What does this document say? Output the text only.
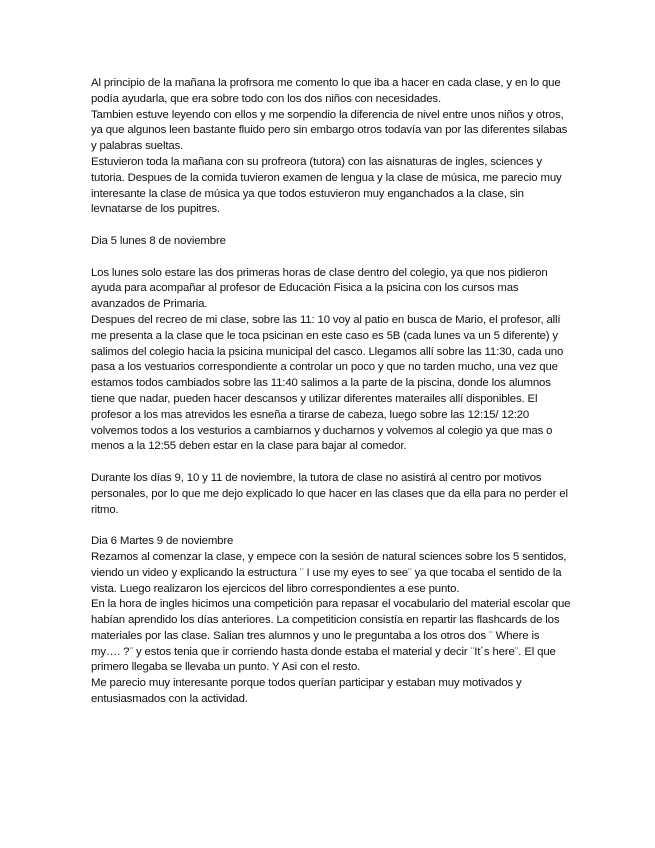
Al principio de la mañana la profrsora me comento lo que iba a hacer en cada clase, y en lo que podía ayudarla, que era sobre todo con los dos niños con necesidades.

Tambien estuve leyendo con ellos y me sorpendio la diferencia de nivel entre unos niños y otros, ya que algunos leen bastante fluido pero sin embargo otros todavía van por las diferentes silabas y palabras sueltas.

Estuvieron toda la mañana con su profreora (tutora) con las aisnaturas de ingles, sciences y tutoria. Despues de la comida tuvieron examen de lengua y la clase de música, me parecio muy interesante la clase de música ya que todos estuvieron muy enganchados a la clase, sin levnatarse de los pupitres.

Dia 5 lunes 8 de noviembre

Los lunes solo estare las dos primeras horas de clase dentro del colegio, ya que nos pidieron ayuda para acompañar al profesor de Educación Fisica a la psicina con los cursos mas avanzados de Primaria.

Despues del recreo de mi clase, sobre las 11: 10 voy al patio en busca de Mario, el profesor, allí me presenta a la clase que le toca psicinan en este caso es 5B (cada lunes va un 5 diferente) y salimos del colegio hacia la psicina municipal del casco. Llegamos allí sobre las 11:30, cada uno pasa a los vestuarios correspondiente a controlar un poco y que no tarden mucho, una vez que estamos todos cambiados sobre las 11:40 salimos a la parte de la piscina, donde los alumnos tiene que nadar, pueden hacer descansos y utilizar diferentes materailes allí disponibles. El profesor a los mas atrevidos les esneña a tirarse de cabeza, luego sobre las 12:15/ 12:20 volvemos todos a los vesturios a cambiarnos y ducharnos y volvemos al colegio ya que mas o menos a la 12:55 deben estar en la clase para bajar al comedor.

Durante los días 9, 10 y 11 de noviembre, la tutora de clase no asistirá al centro por motivos personales, por lo que me dejo explicado lo que hacer en las clases que da ella para no perder el ritmo.

Dia 6 Martes 9 de noviembre

Rezamos al comenzar la clase, y empece con la sesión de natural sciences sobre los 5 sentidos, viendo un video y explicando la estructura ¨ I use my eyes to see¨ ya que tocaba el sentido de la vista. Luego realizaron los ejercicos del libro correspondientes a ese punto.

En la hora de ingles hicimos una competición para repasar el vocabulario del material escolar que habían aprendido los días anteriores. La competiticion consistía en repartir las flashcards de los materiales por las clase. Salian tres alumnos y uno le preguntaba a los otros dos ¨ Where is my…. ?¨ y estos tenia que ir corriendo hasta donde estaba el material y decir ¨It´s here¨. El que primero llegaba se llevaba un punto. Y Asi con el resto.

Me parecio muy interesante porque todos querían participar y estaban muy motivados y entusiasmados con la actividad.
